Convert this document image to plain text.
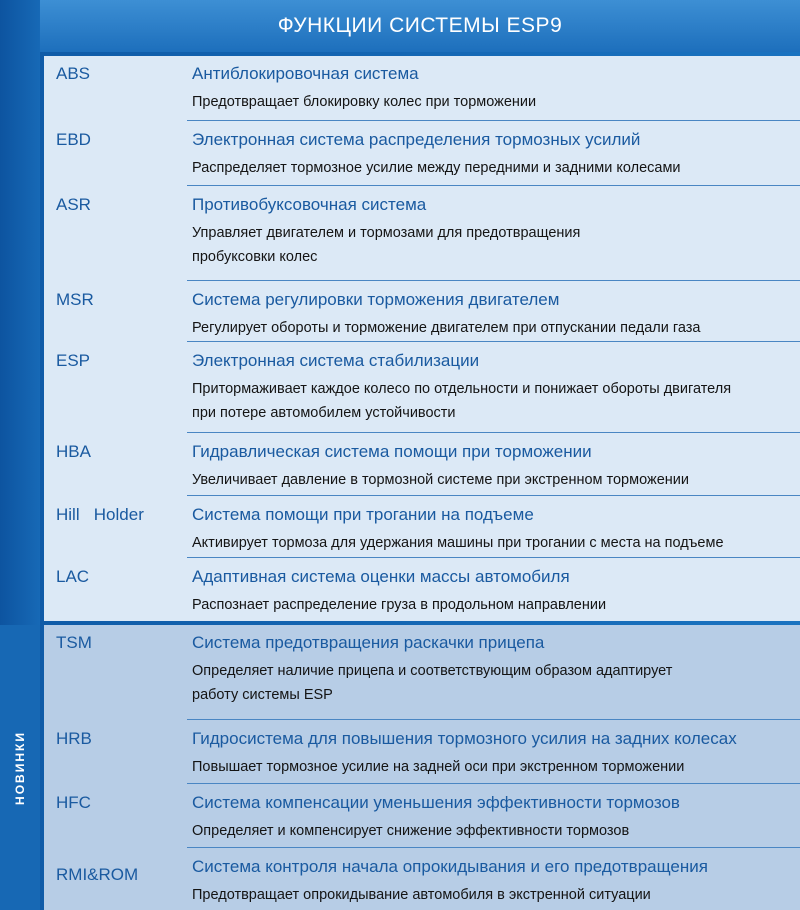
ФУНКЦИИ СИСТЕМЫ ESP9
ABS	Антиблокировочная система
Предотвращает блокировку колес при торможении
EBD	Электронная система распределения тормозных усилий
Распределяет тормозное усилие между передними и задними колесами
ASR	Противобуксовочная система
Управляет двигателем и тормозами для предотвращения пробуксовки колес
MSR	Система регулировки торможения двигателем
Регулирует обороты и торможение двигателем при отпускании педали газа
ESP	Электронная система стабилизации
Притормаживает каждое колесо по отдельности и понижает обороты двигателя при потере автомобилем устойчивости
HBA	Гидравлическая система помощи при торможении
Увеличивает давление в тормозной системе при экстренном торможении
Hill   Holder	Система помощи при трогании на подъеме
Активирует тормоза для удержания машины при трогании с места на подъеме
LAC	Адаптивная система оценки массы автомобиля
Распознает распределение груза в продольном направлении
НОВИНКИ
TSM	Система предотвращения раскачки прицепа
Определяет наличие прицепа и соответствующим образом адаптирует работу системы ESP
HRB	Гидросистема для повышения тормозного усилия на задних колесах
Повышает тормозное усилие на задней оси при экстренном торможении
HFC	Система компенсации уменьшения эффективности тормозов
Определяет и компенсирует снижение эффективности тормозов
RMI&ROM	Система контроля начала опрокидывания и его предотвращения
Предотвращает опрокидывание автомобиля в экстренной ситуации
